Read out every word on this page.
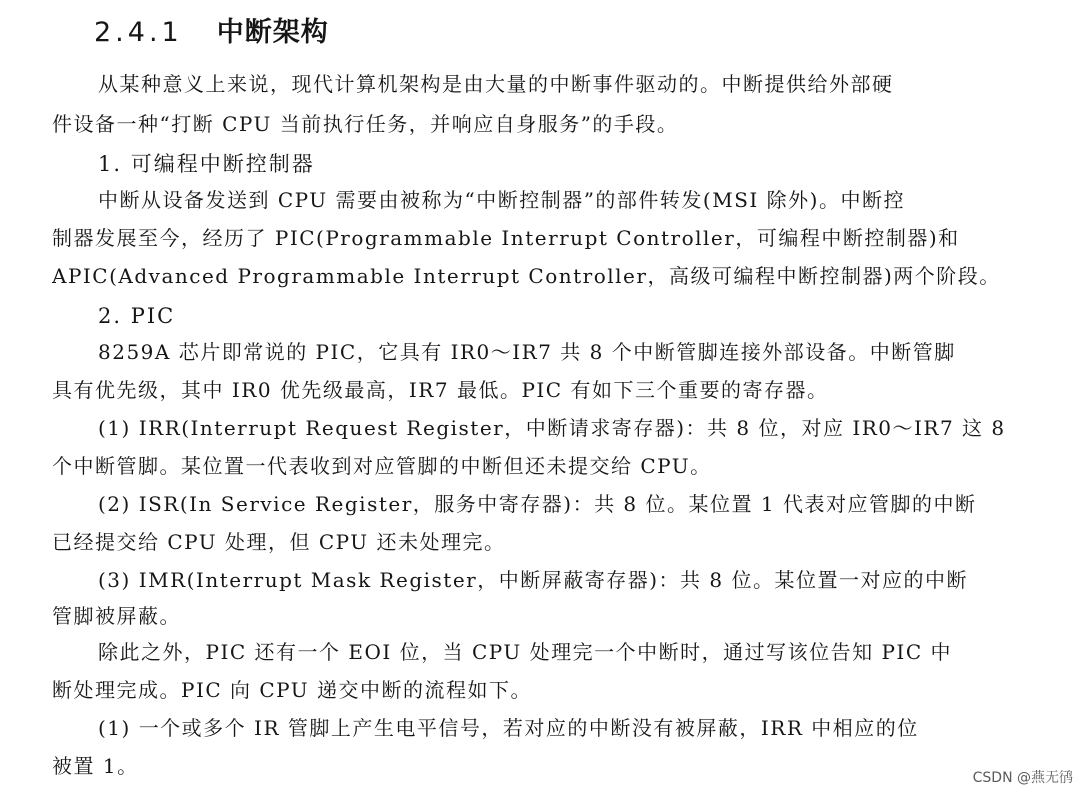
2.4.1 中断架构
从某种意义上来说，现代计算机架构是由大量的中断事件驱动的。中断提供给外部硬
件设备一种“打断 CPU 当前执行任务，并响应自身服务”的手段。
1. 可编程中断控制器
中断从设备发送到 CPU 需要由被称为“中断控制器”的部件转发(MSI 除外)。中断控
制器发展至今，经历了 PIC(Programmable Interrupt Controller，可编程中断控制器)和
APIC(Advanced Programmable Interrupt Controller，高级可编程中断控制器)两个阶段。
2. PIC
8259A 芯片即常说的 PIC，它具有 IR0～IR7 共 8 个中断管脚连接外部设备。中断管脚
具有优先级，其中 IR0 优先级最高，IR7 最低。PIC 有如下三个重要的寄存器。
(1) IRR(Interrupt Request Register，中断请求寄存器)：共 8 位，对应 IR0～IR7 这 8
个中断管脚。某位置一代表收到对应管脚的中断但还未提交给 CPU。
(2) ISR(In Service Register，服务中寄存器)：共 8 位。某位置 1 代表对应管脚的中断
已经提交给 CPU 处理，但 CPU 还未处理完。
(3) IMR(Interrupt Mask Register，中断屏蔽寄存器)：共 8 位。某位置一对应的中断
管脚被屏蔽。
除此之外，PIC 还有一个 EOI 位，当 CPU 处理完一个中断时，通过写该位告知 PIC 中
断处理完成。PIC 向 CPU 递交中断的流程如下。
(1) 一个或多个 IR 管脚上产生电平信号，若对应的中断没有被屏蔽，IRR 中相应的位
被置 1。	CSDN @燕无鸻
